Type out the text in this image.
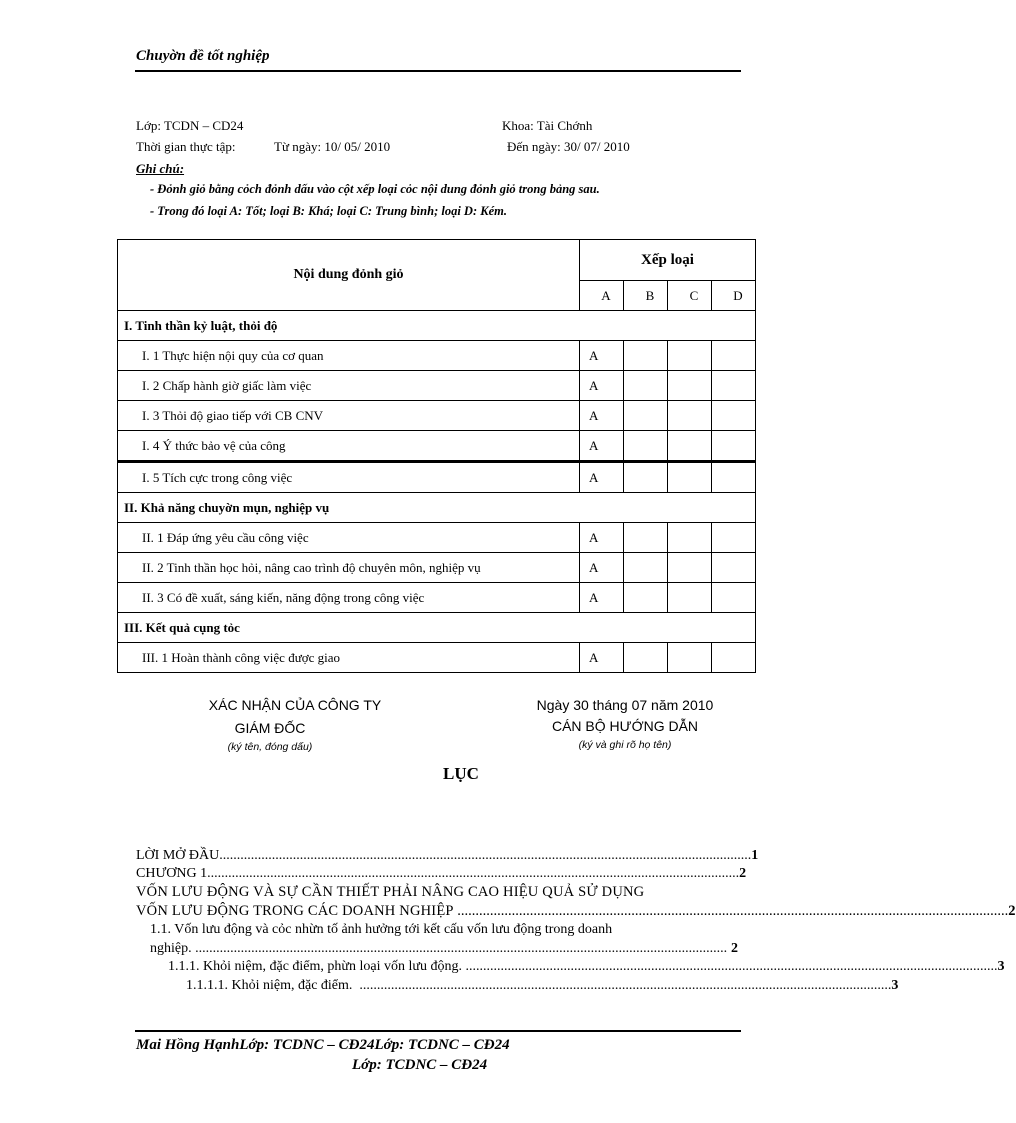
Chuyờn đề tốt nghiệp
Lớp: TCDN – CD24	Khoa: Tài Chớnh
Thời gian thực tập:	Từ ngày: 10/ 05/ 2010	Đến ngày: 30/ 07/ 2010
Ghi chú:
- Đỏnh giỏ bằng cỏch đỏnh dấu vào cột xếp loại cỏc nội dung đỏnh giỏ trong bảng sau.
- Trong đó loại A: Tốt; loại B: Khá; loại C: Trung bình; loại D: Kém.
Nội dung đỏnh giỏ	Xếp loại			
	A	B	C	D
I. Tinh thần kỷ luật, thỏi độ				
I. 1 Thực hiện nội quy của cơ quan	A			
I. 2 Chấp hành giờ giấc làm việc	A			
I. 3 Thỏi độ giao tiếp với CB CNV	A			
I. 4 Ý thức bảo vệ của công	A			
I. 5 Tích cực trong công việc	A			
II. Khả năng chuyờn mụn, nghiệp vụ				
II. 1 Đáp ứng yêu cầu công việc	A			
II. 2 Tinh thần học hỏi, nâng cao trình độ chuyên môn, nghiệp vụ	A			
II. 3 Có đề xuất, sáng kiến, năng động trong công việc	A			
III. Kết quả cụng tỏc				
III. 1 Hoàn thành công việc được giao	A			
XÁC NHẬN CỦA CÔNG TY
GIÁM ĐỐC
(ký tên, đóng dấu)
Ngày 30 tháng 07 năm 2010
CÁN BỘ HƯỚNG DẪN
(ký và ghi rõ họ tên)
LỤC
LỜI MỞ ĐẦU ........................................................................................................................................................ 1
CHƯƠNG 1 ........................................................................................................................................................ 2
VỐN LƯU ĐỘNG VÀ SỰ CẦN THIẾT PHẢI NÂNG CAO HIỆU QUẢ SỬ DỤNG
VỐN LƯU ĐỘNG TRONG CÁC DOANH NGHIỆP ........................................................................................................................................................ 2
1.1. Vốn lưu động và cỏc nhừn tố ảnh hưởng tới kết cấu vốn lưu động trong doanh
nghiệp. ........................................................................................................................................................ 2
1.1.1. Khỏi niệm, đặc điểm, phừn loại vốn lưu động. ........................................................................................................................................................ 3
1.1.1.1. Khỏi niệm, đặc điểm. ........................................................................................................................................................ 3
Mai Hồng HạnhLớp: TCDNC – CĐ24Lớp: TCDNC – CĐ24
Lớp: TCDNC – CĐ24
